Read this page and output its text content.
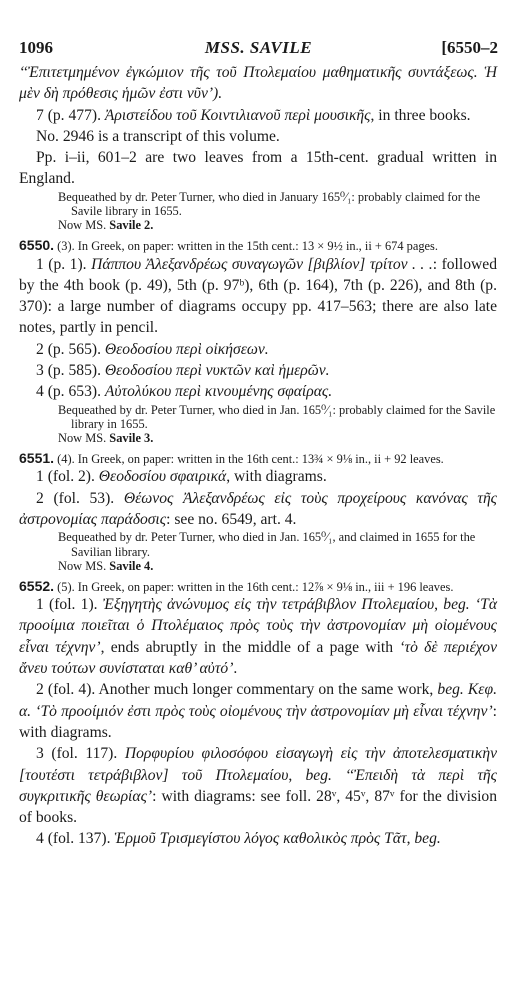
1096	MSS. SAVILE	[6550–2

‘‘Ἐπιτετμημένον ἐγκώμιον τῆς τοῦ Πτολεμαίου μαθηματικῆς συντάξεως. Ἡ μὲν δὴ πρόθεσις ἡμῶν ἐστι νῦν’).

7 (p. 477). Ἀριστείδου τοῦ Κοιντιλιανοῦ περὶ μουσικῆς, in three books.

No. 2946 is a transcript of this volume.

Pp. i–ii, 601–2 are two leaves from a 15th-cent. gradual written in England.

Bequeathed by dr. Peter Turner, who died in January 165⁰⁄₁: probably claimed for the Savile library in 1655.

Now MS. Savile 2.

6550. (3). In Greek, on paper: written in the 15th cent.: 13 × 9½ in., ii + 674 pages.

1 (p. 1). Πάππου Ἀλεξανδρέως συναγωγῶν [βιβλίον] τρίτον . . .: followed by the 4th book (p. 49), 5th (p. 97ᵇ), 6th (p. 164), 7th (p. 226), and 8th (p. 370): a large number of diagrams occupy pp. 417–563; there are also late notes, partly in pencil.

2 (p. 565). Θεοδοσίου περὶ οἰκήσεων.

3 (p. 585). Θεοδοσίου περὶ νυκτῶν καὶ ἡμερῶν.

4 (p. 653). Αὐτολύκου περὶ κινουμένης σφαίρας.

Bequeathed by dr. Peter Turner, who died in Jan. 165⁰⁄₁: probably claimed for the Savile library in 1655.

Now MS. Savile 3.

6551. (4). In Greek, on paper: written in the 16th cent.: 13¾ × 9⅛ in., ii + 92 leaves.

1 (fol. 2). Θεοδοσίου σφαιρικά, with diagrams.

2 (fol. 53). Θέωνος Ἀλεξανδρέως εἰς τοὺς προχείρους κανόνας τῆς ἀστρονομίας παράδοσις: see no. 6549, art. 4.

Bequeathed by dr. Peter Turner, who died in Jan. 165⁰⁄₁, and claimed in 1655 for the Savilian library.

Now MS. Savile 4.

6552. (5). In Greek, on paper: written in the 16th cent.: 12⅞ × 9⅛ in., iii + 196 leaves.

1 (fol. 1). Ἐξηγητὴς ἀνώνυμος εἰς τὴν τετράβιβλον Πτολεμαίου, beg. ‘Τὰ προοίμια ποιεῖται ὁ Πτολέμαιος πρὸς τοὺς τὴν ἀστρονομίαν μὴ οἰομένους εἶναι τέχνην’, ends abruptly in the middle of a page with ‘τὸ δὲ περιέχον ἄνευ τούτων συνίσταται καθ’ αὐτό’.

2 (fol. 4). Another much longer commentary on the same work, beg. Κεφ. α. ‘Τὸ προοίμιόν ἐστι πρὸς τοὺς οἰομένους τὴν ἀστρονομίαν μὴ εἶναι τέχνην’: with diagrams.

3 (fol. 117). Πορφυρίου φιλοσόφου εἰσαγωγὴ εἰς τὴν ἀποτελεσματικὴν [τουτέστι τετράβιβλον] τοῦ Πτολεμαίου, beg. ‘‘Ἐπειδὴ τὰ περὶ τῆς συγκριτικῆς θεωρίας’: with diagrams: see foll. 28ᵛ, 45ᵛ, 87ᵛ for the division of books.

4 (fol. 137). Ἑρμοῦ Τρισμεγίστου λόγος καθολικὸς πρὸς Τᾶτ, beg.
